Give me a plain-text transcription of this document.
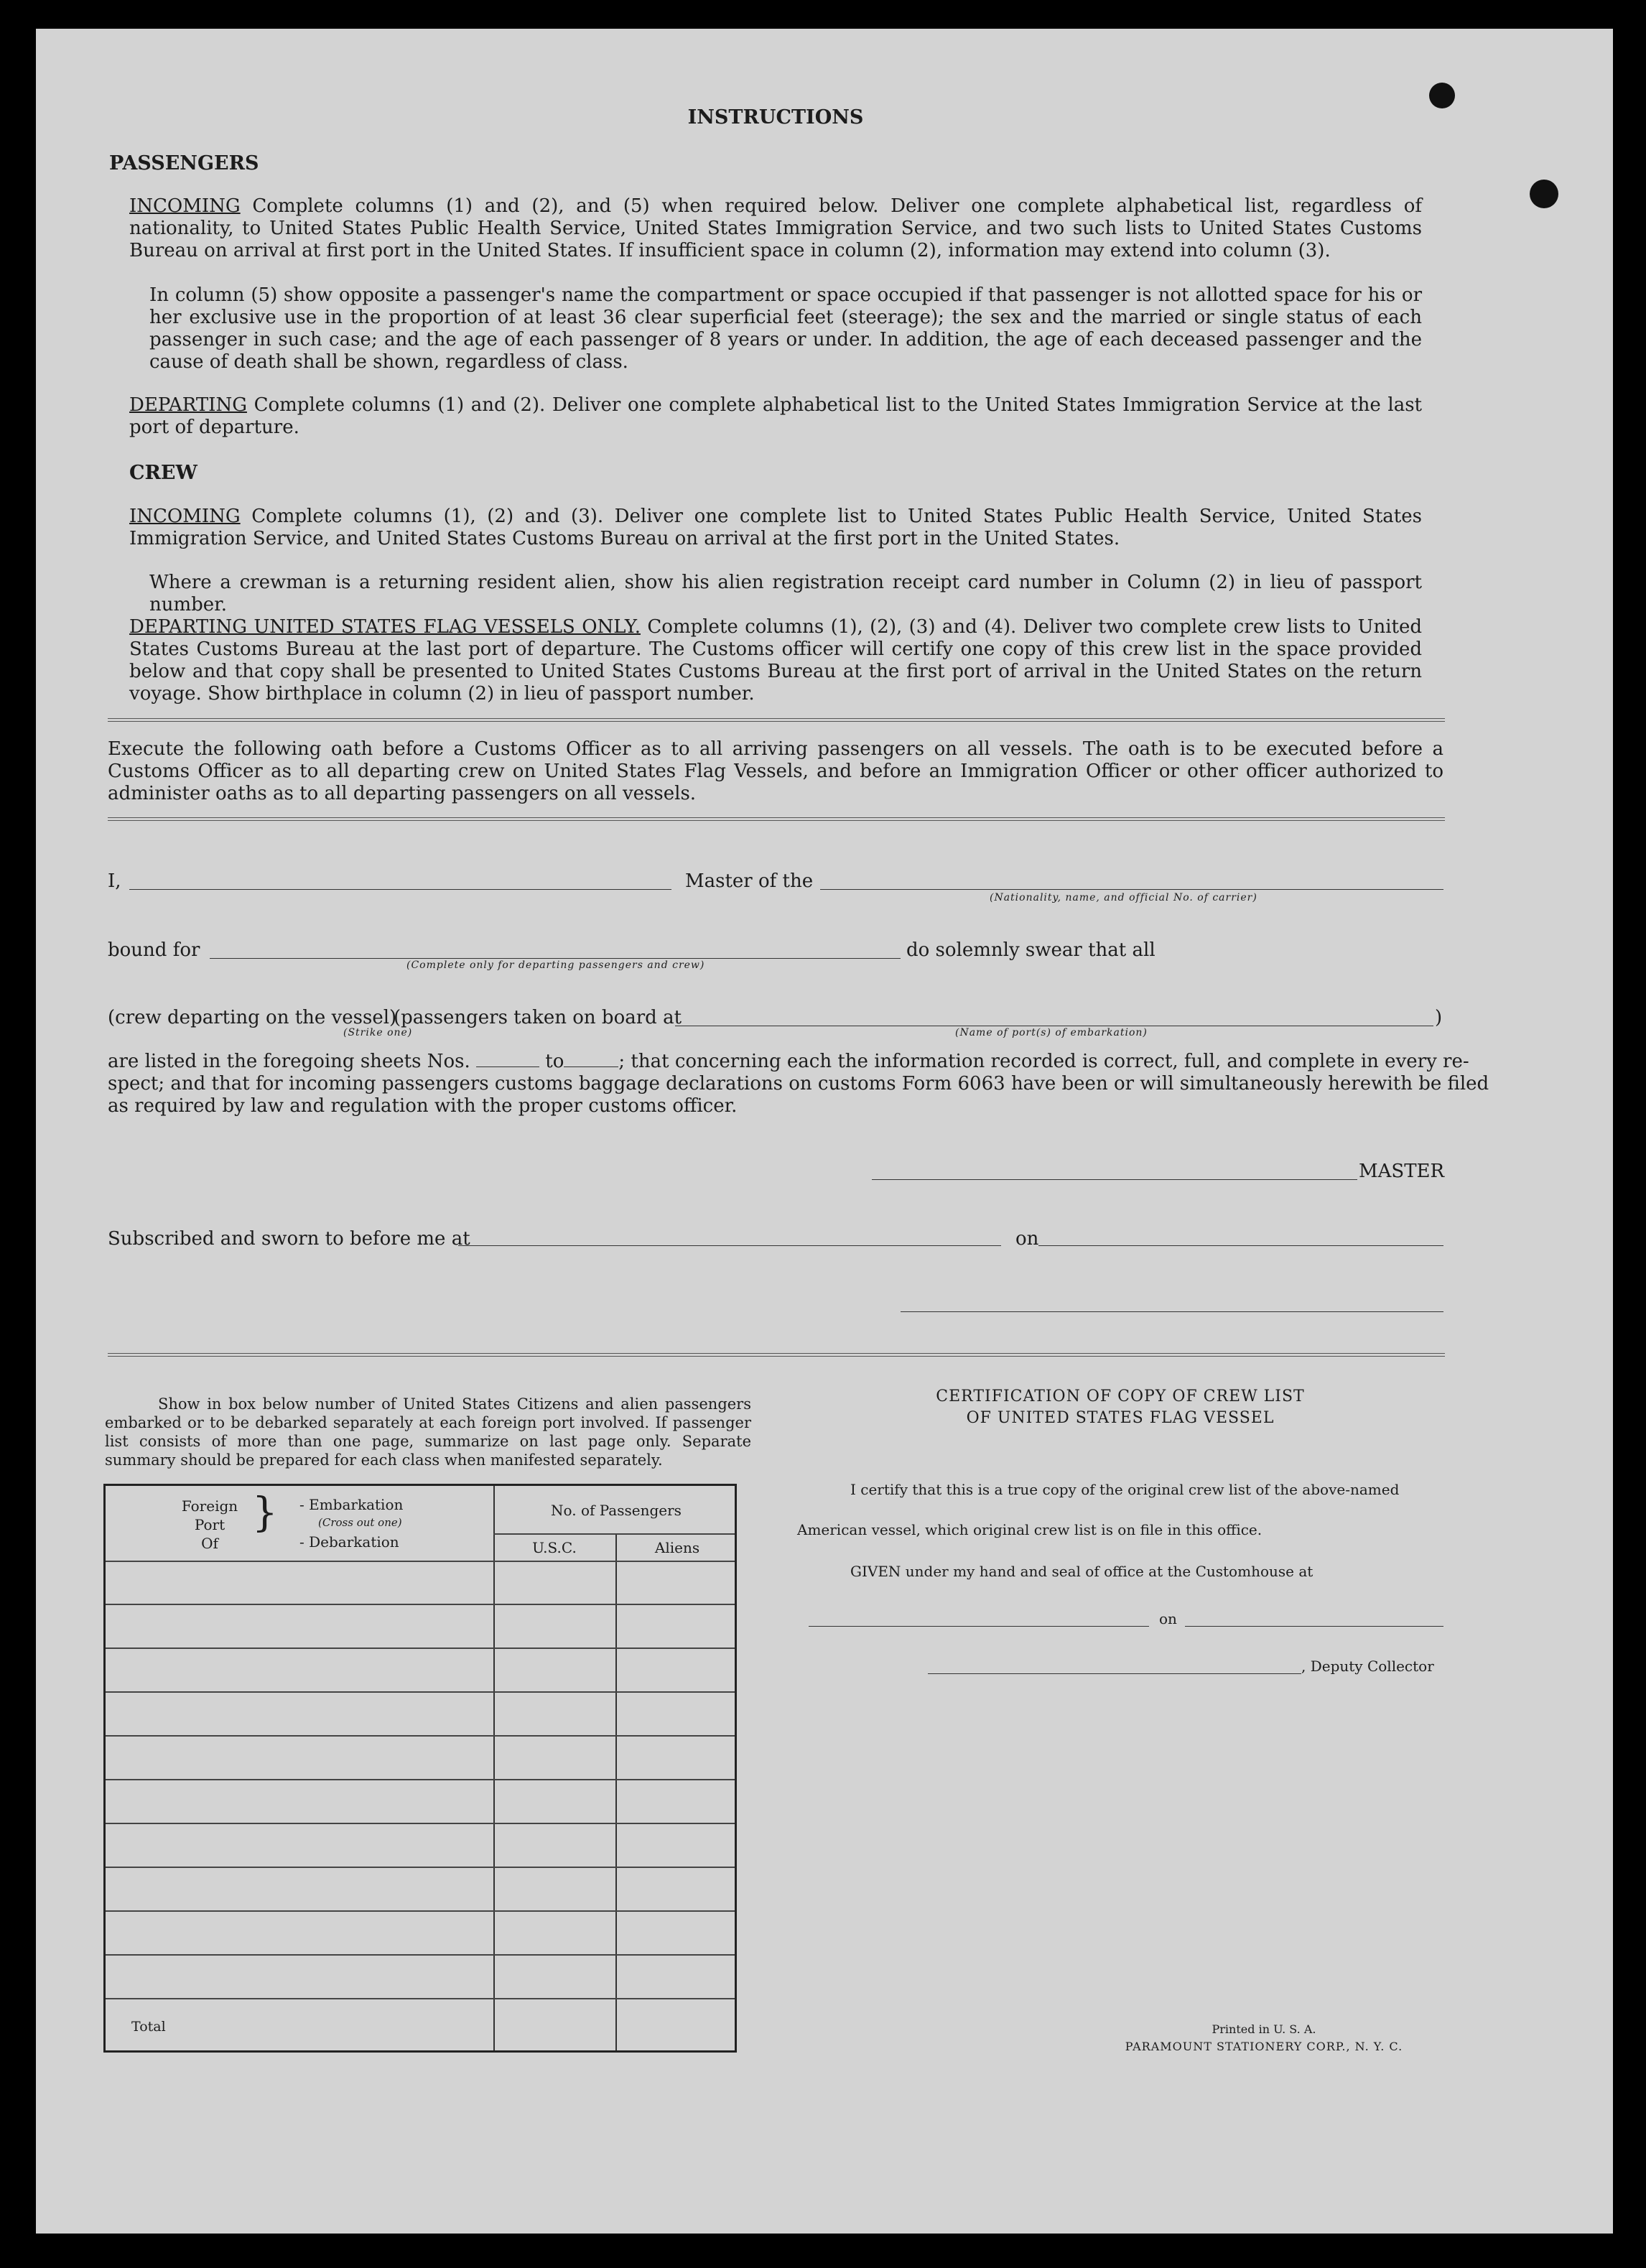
INSTRUCTIONS
PASSENGERS
INCOMING Complete columns (1) and (2), and (5) when required below. Deliver one complete alphabetical list, regardless of nationality, to United States Public Health Service, United States Immigration Service, and two such lists to United States Customs Bureau on arrival at first port in the United States. If insufficient space in column (2), information may extend into column (3).
In column (5) show opposite a passenger's name the compartment or space occupied if that passenger is not allotted space for his or her exclusive use in the proportion of at least 36 clear superficial feet (steerage); the sex and the married or single status of each passenger in such case; and the age of each passenger of 8 years or under. In addition, the age of each deceased passenger and the cause of death shall be shown, regardless of class.
DEPARTING Complete columns (1) and (2). Deliver one complete alphabetical list to the United States Immigration Service at the last port of departure.
CREW
INCOMING Complete columns (1), (2) and (3). Deliver one complete list to United States Public Health Service, United States Immigration Service, and United States Customs Bureau on arrival at the first port in the United States.
Where a crewman is a returning resident alien, show his alien registration receipt card number in Column (2) in lieu of passport number.
DEPARTING UNITED STATES FLAG VESSELS ONLY. Complete columns (1), (2), (3) and (4). Deliver two complete crew lists to United States Customs Bureau at the last port of departure. The Customs officer will certify one copy of this crew list in the space provided below and that copy shall be presented to United States Customs Bureau at the first port of arrival in the United States on the return voyage. Show birthplace in column (2) in lieu of passport number.
Execute the following oath before a Customs Officer as to all arriving passengers on all vessels. The oath is to be executed before a Customs Officer as to all departing crew on United States Flag Vessels, and before an Immigration Officer or other officer authorized to administer oaths as to all departing passengers on all vessels.
I,	Master of the
(Nationality, name, and official No. of carrier)
bound for
(Complete only for departing passengers and crew)
do solemnly swear that all
(crew departing on the vessel)
(passengers taken on board at	)
(Strike one)	(Name of port(s) of embarkation)
are listed in the foregoing sheets Nos.	to	; that concerning each the information recorded is correct, full, and complete in every re-
spect; and that for incoming passengers customs baggage declarations on customs Form 6063 have been or will simultaneously herewith be filed
as required by law and regulation with the proper customs officer.
MASTER
Subscribed and sworn to before me at	on
Show in box below number of United States Citizens and alien passengers embarked or to be debarked separately at each foreign port involved. If passenger list consists of more than one page, summarize on last page only. Separate summary should be prepared for each class when manifested separately.
Foreign
Port
Of
} - Embarkation
(Cross out one)
- Debarkation
No. of Passengers
U.S.C.	Aliens
Total
CERTIFICATION OF COPY OF CREW LIST
OF UNITED STATES FLAG VESSEL
I certify that this is a true copy of the original crew list of the above-named
American vessel, which original crew list is on file in this office.
GIVEN under my hand and seal of office at the Customhouse at
on
, Deputy Collector
Printed in U. S. A.
PARAMOUNT STATIONERY CORP., N. Y. C.
